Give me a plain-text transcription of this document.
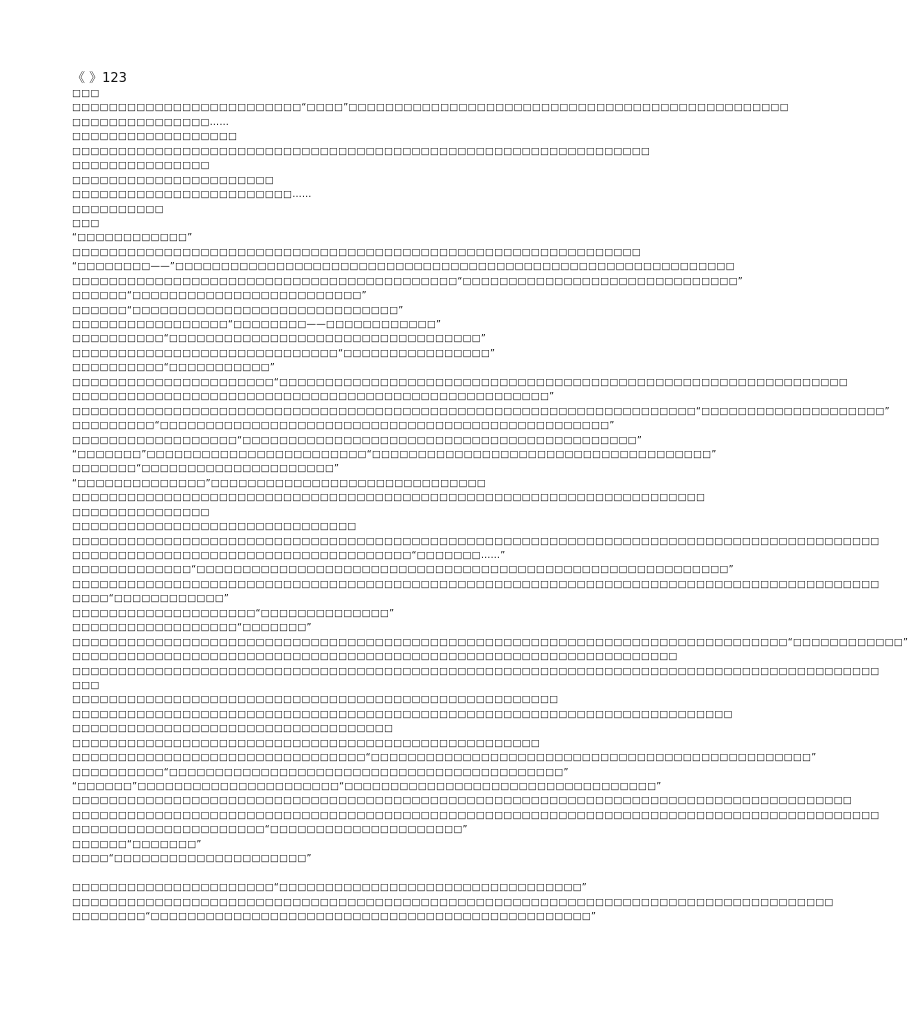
《 》123
□□□
□□□□□□□□□□□□□□□□□□□□□□□□□“□□□□”□□□□□□□□□□□□□□□□□□□□□□□□□□□□□□□□□□□□□□□□□□□□□□□□
□□□□□□□□□□□□□□□……
□□□□□□□□□□□□□□□□□□
□□□□□□□□□□□□□□□□□□□□□□□□□□□□□□□□□□□□□□□□□□□□□□□□□□□□□□□□□□□□□□□
□□□□□□□□□□□□□□□
□□□□□□□□□□□□□□□□□□□□□□
□□□□□□□□□□□□□□□□□□□□□□□□……
□□□□□□□□□□
□□□
“□□□□□□□□□□□□”
□□□□□□□□□□□□□□□□□□□□□□□□□□□□□□□□□□□□□□□□□□□□□□□□□□□□□□□□□□□□□□
“□□□□□□□□——”□□□□□□□□□□□□□□□□□□□□□□□□□□□□□□□□□□□□□□□□□□□□□□□□□□□□□□□□□□□□□
□□□□□□□□□□□□□□□□□□□□□□□□□□□□□□□□□□□□□□□□□□“□□□□□□□□□□□□□□□□□□□□□□□□□□□□□□”
□□□□□□“□□□□□□□□□□□□□□□□□□□□□□□□□”
□□□□□□“□□□□□□□□□□□□□□□□□□□□□□□□□□□□□”
□□□□□□□□□□□□□□□□□“□□□□□□□□——□□□□□□□□□□□□”
□□□□□□□□□□“□□□□□□□□□□□□□□□□□□□□□□□□□□□□□□□□□□”
□□□□□□□□□□□□□□□□□□□□□□□□□□□□□“□□□□□□□□□□□□□□□□”
□□□□□□□□□□“□□□□□□□□□□□”
□□□□□□□□□□□□□□□□□□□□□□“□□□□□□□□□□□□□□□□□□□□□□□□□□□□□□□□□□□□□□□□□□□□□□□□□□□□□□□□□□□□□□
□□□□□□□□□□□□□□□□□□□□□□□□□□□□□□□□□□□□□□□□□□□□□□□□□□□□”
□□□□□□□□□□□□□□□□□□□□□□□□□□□□□□□□□□□□□□□□□□□□□□□□□□□□□□□□□□□□□□□□□□□□“□□□□□□□□□□□□□□□□□□□□”
□□□□□□□□□“□□□□□□□□□□□□□□□□□□□□□□□□□□□□□□□□□□□□□□□□□□□□□□□□□”
□□□□□□□□□□□□□□□□□□“□□□□□□□□□□□□□□□□□□□□□□□□□□□□□□□□□□□□□□□□□□□”
“□□□□□□□”□□□□□□□□□□□□□□□□□□□□□□□□“□□□□□□□□□□□□□□□□□□□□□□□□□□□□□□□□□□□□□”
□□□□□□□“□□□□□□□□□□□□□□□□□□□□□”
“□□□□□□□□□□□□□□”□□□□□□□□□□□□□□□□□□□□□□□□□□□□□□
□□□□□□□□□□□□□□□□□□□□□□□□□□□□□□□□□□□□□□□□□□□□□□□□□□□□□□□□□□□□□□□□□□□□□
□□□□□□□□□□□□□□□
□□□□□□□□□□□□□□□□□□□□□□□□□□□□□□□
□□□□□□□□□□□□□□□□□□□□□□□□□□□□□□□□□□□□□□□□□□□□□□□□□□□□□□□□□□□□□□□□□□□□□□□□□□□□□□□□□□□□□□□□
□□□□□□□□□□□□□□□□□□□□□□□□□□□□□□□□□□□□□“□□□□□□□……”
□□□□□□□□□□□□□“□□□□□□□□□□□□□□□□□□□□□□□□□□□□□□□□□□□□□□□□□□□□□□□□□□□□□□□□□□”
□□□□□□□□□□□□□□□□□□□□□□□□□□□□□□□□□□□□□□□□□□□□□□□□□□□□□□□□□□□□□□□□□□□□□□□□□□□□□□□□□□□□□□□□
□□□□“□□□□□□□□□□□□”
□□□□□□□□□□□□□□□□□□□□“□□□□□□□□□□□□□□”
□□□□□□□□□□□□□□□□□□“□□□□□□□”
□□□□□□□□□□□□□□□□□□□□□□□□□□□□□□□□□□□□□□□□□□□□□□□□□□□□□□□□□□□□□□□□□□□□□□□□□□□□□□“□□□□□□□□□□□□”
□□□□□□□□□□□□□□□□□□□□□□□□□□□□□□□□□□□□□□□□□□□□□□□□□□□□□□□□□□□□□□□□□□
□□□□□□□□□□□□□□□□□□□□□□□□□□□□□□□□□□□□□□□□□□□□□□□□□□□□□□□□□□□□□□□□□□□□□□□□□□□□□□□□□□□□□□□□
□□□
□□□□□□□□□□□□□□□□□□□□□□□□□□□□□□□□□□□□□□□□□□□□□□□□□□□□□
□□□□□□□□□□□□□□□□□□□□□□□□□□□□□□□□□□□□□□□□□□□□□□□□□□□□□□□□□□□□□□□□□□□□□□□□
□□□□□□□□□□□□□□□□□□□□□□□□□□□□□□□□□□□
□□□□□□□□□□□□□□□□□□□□□□□□□□□□□□□□□□□□□□□□□□□□□□□□□□□
□□□□□□□□□□□□□□□□□□□□□□□□□□□□□□□□“□□□□□□□□□□□□□□□□□□□□□□□□□□□□□□□□□□□□□□□□□□□□□□□□”
□□□□□□□□□□“□□□□□□□□□□□□□□□□□□□□□□□□□□□□□□□□□□□□□□□□□□□”
“□□□□□□”□□□□□□□□□□□□□□□□□□□□□□“□□□□□□□□□□□□□□□□□□□□□□□□□□□□□□□□□□”
□□□□□□□□□□□□□□□□□□□□□□□□□□□□□□□□□□□□□□□□□□□□□□□□□□□□□□□□□□□□□□□□□□□□□□□□□□□□□□□□□□□□□
□□□□□□□□□□□□□□□□□□□□□□□□□□□□□□□□□□□□□□□□□□□□□□□□□□□□□□□□□□□□□□□□□□□□□□□□□□□□□□□□□□□□□□□□
□□□□□□□□□□□□□□□□□□□□□“□□□□□□□□□□□□□□□□□□□□□”
□□□□□□“□□□□□□□”
□□□□“□□□□□□□□□□□□□□□□□□□□□”
□□□□□□□□□□□□□□□□□□□□□□“□□□□□□□□□□□□□□□□□□□□□□□□□□□□□□□□□”
□□□□□□□□□□□□□□□□□□□□□□□□□□□□□□□□□□□□□□□□□□□□□□□□□□□□□□□□□□□□□□□□□□□□□□□□□□□□□□□□□□□
□□□□□□□□“□□□□□□□□□□□□□□□□□□□□□□□□□□□□□□□□□□□□□□□□□□□□□□□□”
